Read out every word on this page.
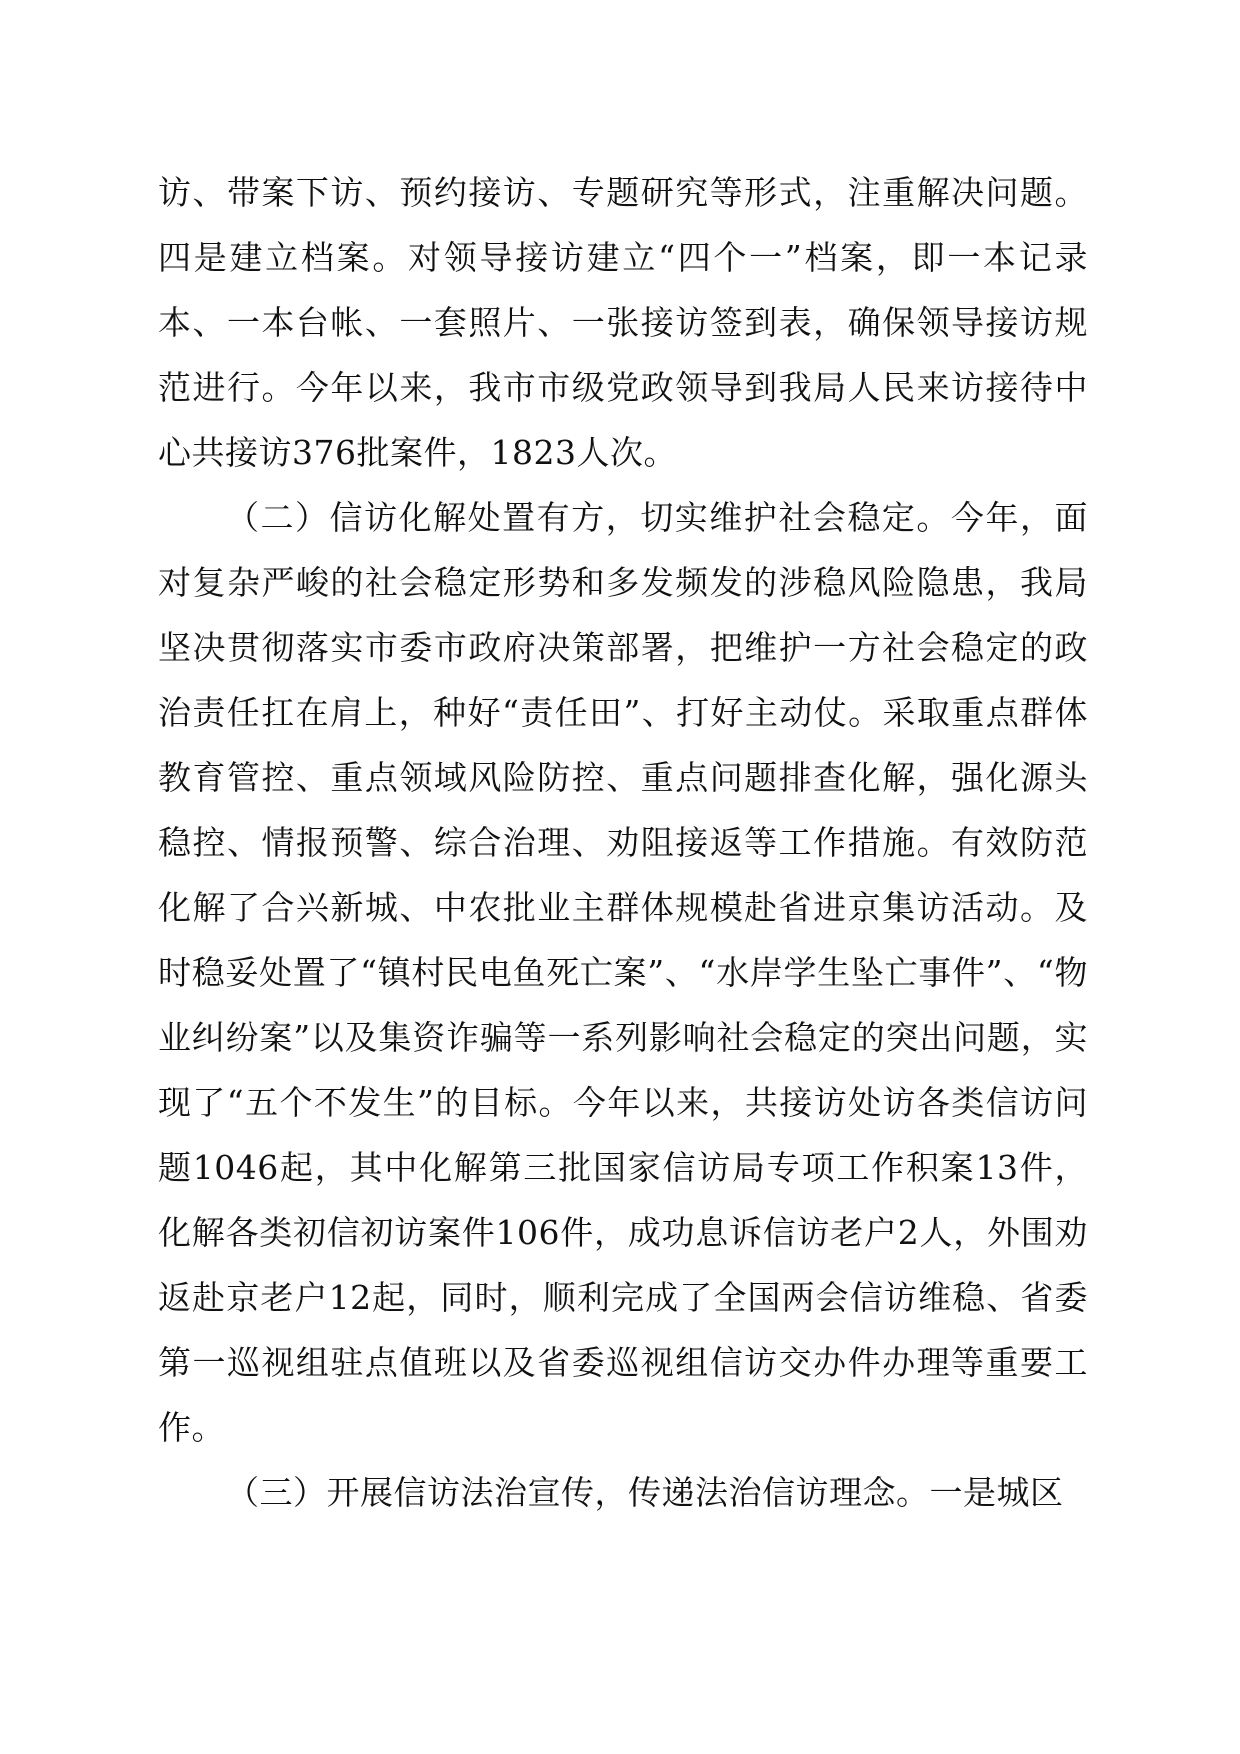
访、带案下访、预约接访、专题研究等形式，注重解决问题。四是建立档案。对领导接访建立“四个一”档案，即一本记录本、一本台帐、一套照片、一张接访签到表，确保领导接访规范进行。今年以来，我市市级党政领导到我局人民来访接待中心共接访376批案件，1823人次。

（二）信访化解处置有方，切实维护社会稳定。今年，面对复杂严峻的社会稳定形势和多发频发的涉稳风险隐患，我局坚决贯彻落实市委市政府决策部署，把维护一方社会稳定的政治责任扛在肩上，种好“责任田”、打好主动仗。采取重点群体教育管控、重点领域风险防控、重点问题排查化解，强化源头稳控、情报预警、综合治理、劝阻接返等工作措施。有效防范化解了合兴新城、中农批业主群体规模赴省进京集访活动。及时稳妥处置了“镇村民电鱼死亡案”、“水岸学生坠亡事件”、“物业纠纷案”以及集资诈骗等一系列影响社会稳定的突出问题，实现了“五个不发生”的目标。今年以来，共接访处访各类信访问题1046起，其中化解第三批国家信访局专项工作积案13件，化解各类初信初访案件106件，成功息诉信访老户2人，外围劝返赴京老户12起，同时，顺利完成了全国两会信访维稳、省委第一巡视组驻点值班以及省委巡视组信访交办件办理等重要工作。

（三）开展信访法治宣传，传递法治信访理念。一是城区
